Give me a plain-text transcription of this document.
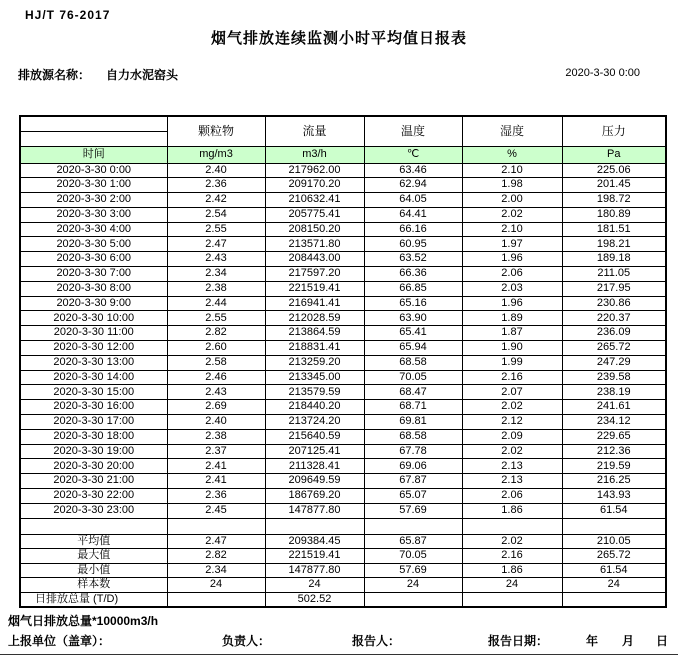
HJ/T 76-2017
烟气排放连续监测小时平均值日报表
排放源名称： 自力水泥窑头	2020-3-30 0:00
	颗粒物	流量	温度	湿度	压力

时间	mg/m3	m3/h	℃	%	Pa
2020-3-30 0:00	2.40	217962.00	63.46	2.10	225.06
2020-3-30 1:00	2.36	209170.20	62.94	1.98	201.45
2020-3-30 2:00	2.42	210632.41	64.05	2.00	198.72
2020-3-30 3:00	2.54	205775.41	64.41	2.02	180.89
2020-3-30 4:00	2.55	208150.20	66.16	2.10	181.51
2020-3-30 5:00	2.47	213571.80	60.95	1.97	198.21
2020-3-30 6:00	2.43	208443.00	63.52	1.96	189.18
2020-3-30 7:00	2.34	217597.20	66.36	2.06	211.05
2020-3-30 8:00	2.38	221519.41	66.85	2.03	217.95
2020-3-30 9:00	2.44	216941.41	65.16	1.96	230.86
2020-3-30 10:00	2.55	212028.59	63.90	1.89	220.37
2020-3-30 11:00	2.82	213864.59	65.41	1.87	236.09
2020-3-30 12:00	2.60	218831.41	65.94	1.90	265.72
2020-3-30 13:00	2.58	213259.20	68.58	1.99	247.29
2020-3-30 14:00	2.46	213345.00	70.05	2.16	239.58
2020-3-30 15:00	2.43	213579.59	68.47	2.07	238.19
2020-3-30 16:00	2.69	218440.20	68.71	2.02	241.61
2020-3-30 17:00	2.40	213724.20	69.81	2.12	234.12
2020-3-30 18:00	2.38	215640.59	68.58	2.09	229.65
2020-3-30 19:00	2.37	207125.41	67.78	2.02	212.36
2020-3-30 20:00	2.41	211328.41	69.06	2.13	219.59
2020-3-30 21:00	2.41	209649.59	67.87	2.13	216.25
2020-3-30 22:00	2.36	186769.20	65.07	2.06	143.93
2020-3-30 23:00	2.45	147877.80	57.69	1.86	61.54

平均值	2.47	209384.45	65.87	2.02	210.05
最大值	2.82	221519.41	70.05	2.16	265.72
最小值	2.34	147877.80	57.69	1.86	61.54
样本数	24	24	24	24	24
日排放总量 (T/D)		502.52			
烟气日排放总量*10000m3/h
上报单位（盖章）：	负责人：	报告人：	报告日期：	年 月 日
